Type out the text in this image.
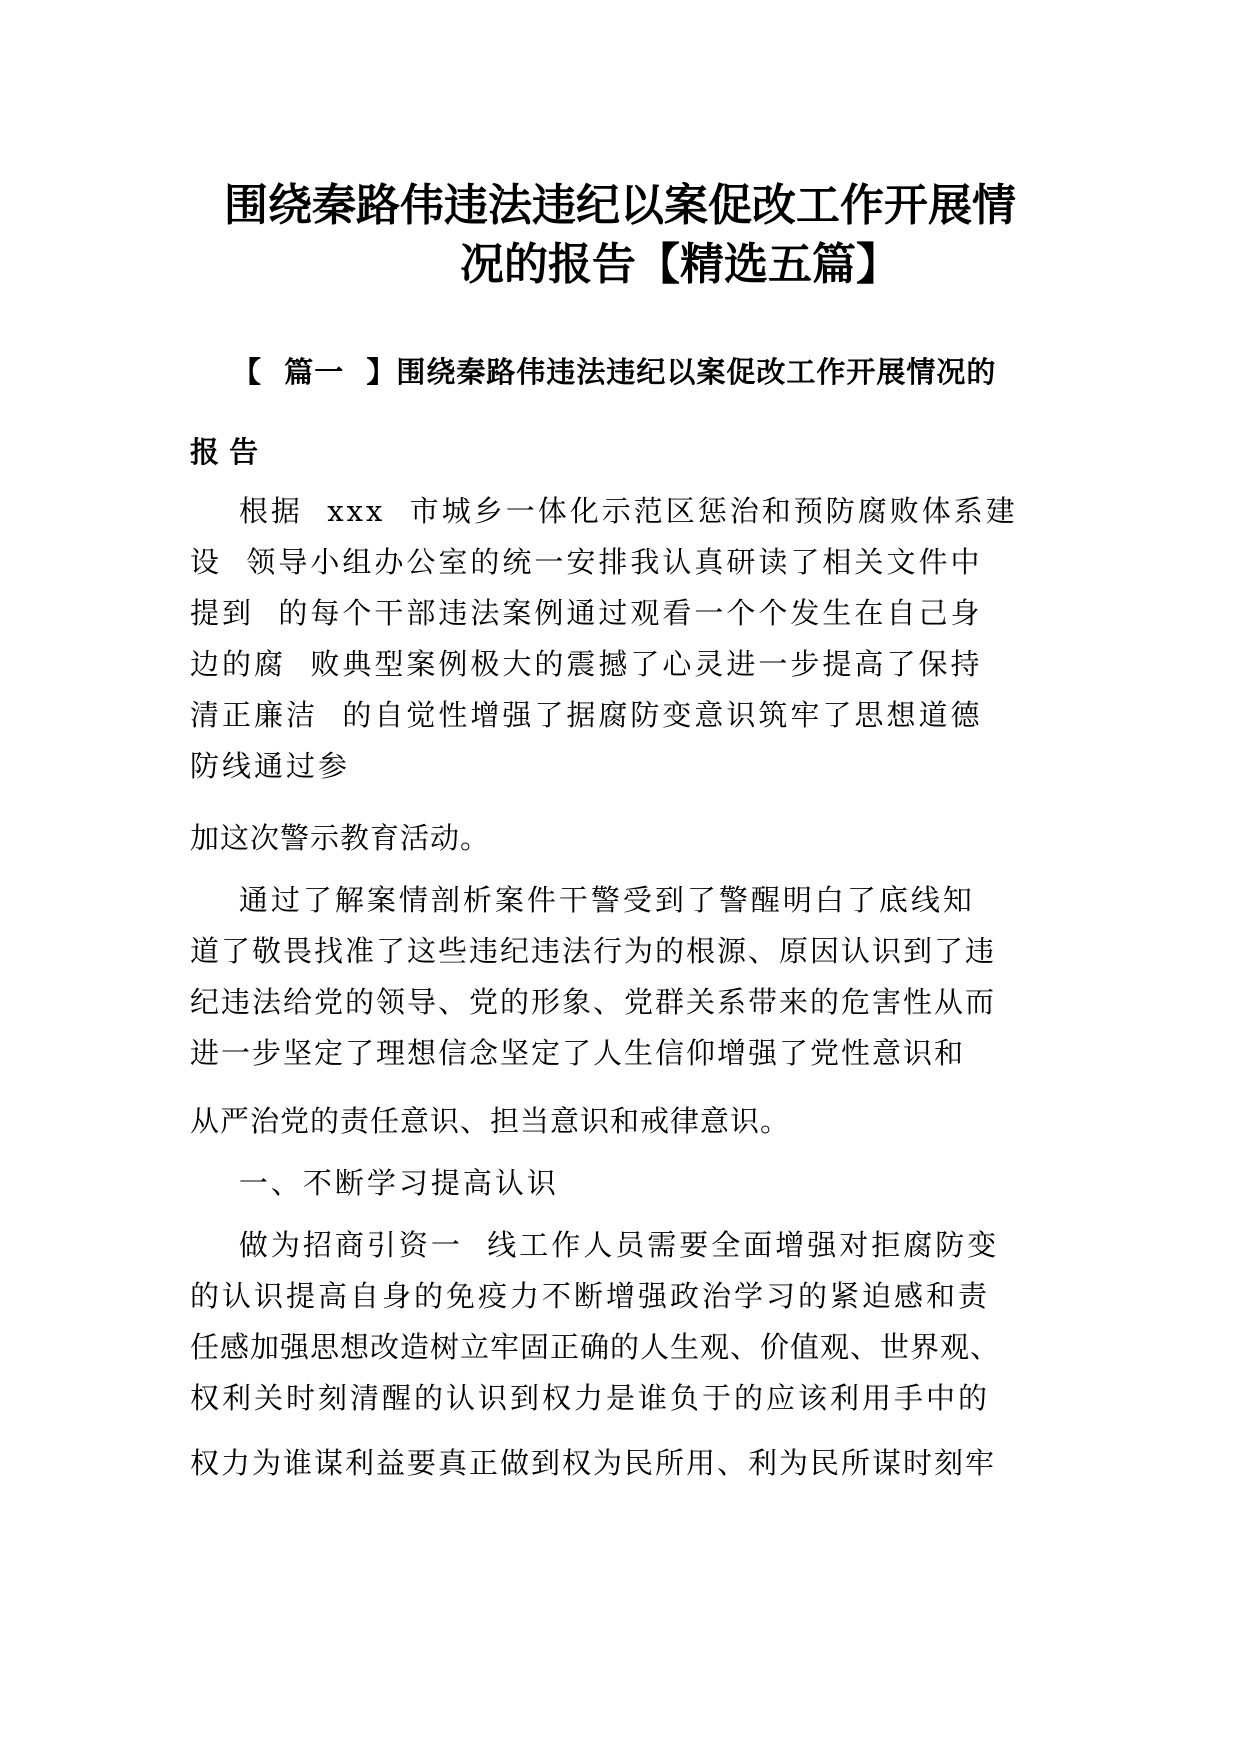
围绕秦路伟违法违纪以案促改工作开展情
况的报告【精选五篇】
【  篇一  】围绕秦路伟违法违纪以案促改工作开展情况的
报 告
根据  xxx  市城乡一体化示范区惩治和预防腐败体系建
设  领导小组办公室的统一安排我认真研读了相关文件中
提到  的每个干部违法案例通过观看一个个发生在自己身
边的腐  败典型案例极大的震撼了心灵进一步提高了保持
清正廉洁  的自觉性增强了据腐防变意识筑牢了思想道德
防线通过参
加这次警示教育活动。
通过了解案情剖析案件干警受到了警醒明白了底线知
道了敬畏找准了这些违纪违法行为的根源、原因认识到了违
纪违法给党的领导、党的形象、党群关系带来的危害性从而
进一步坚定了理想信念坚定了人生信仰增强了党性意识和
从严治党的责任意识、担当意识和戒律意识。
一、不断学习提高认识
做为招商引资一  线工作人员需要全面增强对拒腐防变
的认识提高自身的免疫力不断增强政治学习的紧迫感和责
任感加强思想改造树立牢固正确的人生观、价值观、世界观、
权利关时刻清醒的认识到权力是谁负于的应该利用手中的
权力为谁谋利益要真正做到权为民所用、利为民所谋时刻牢
